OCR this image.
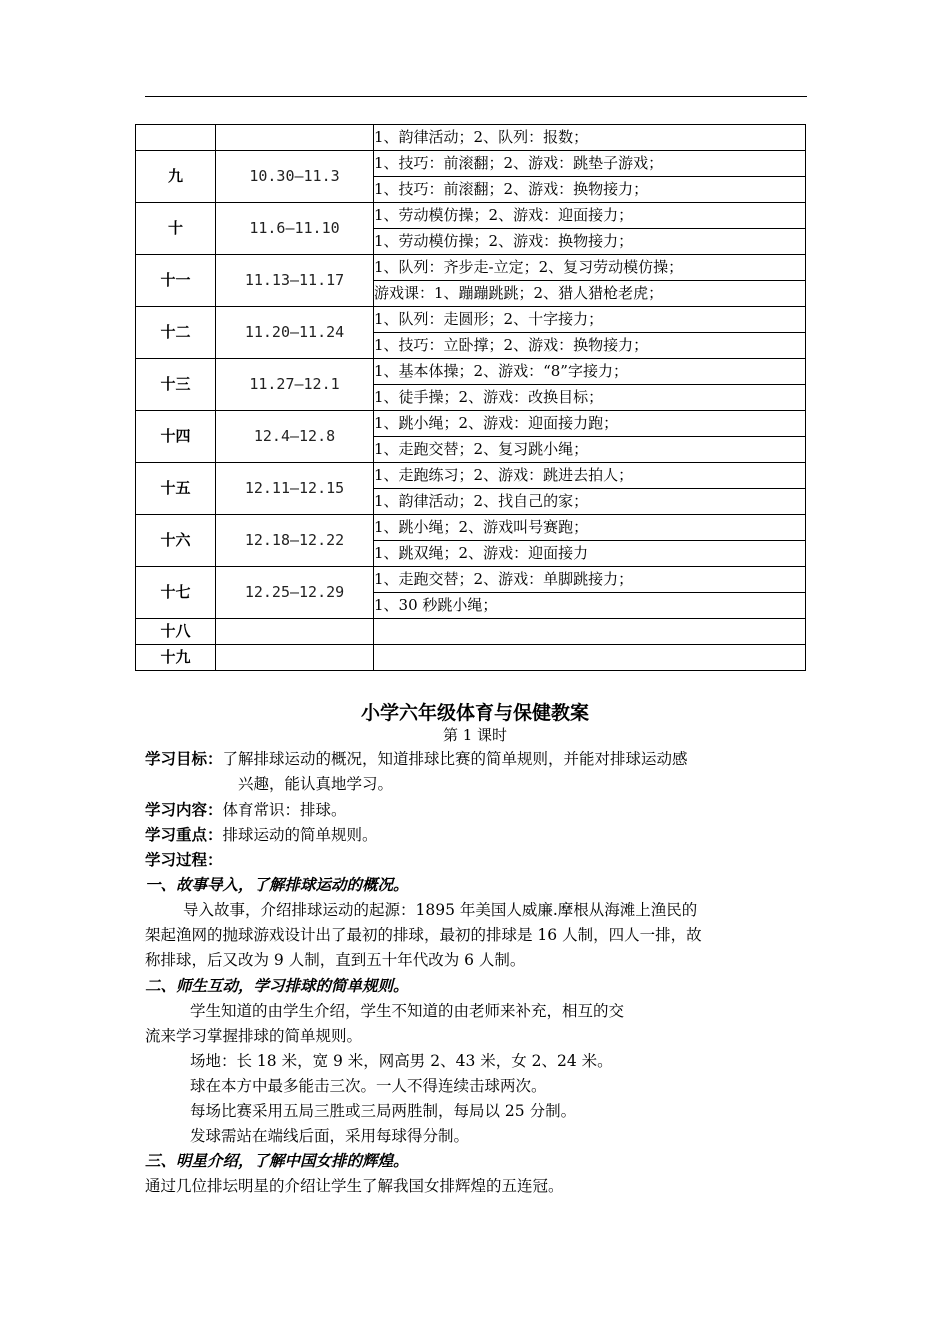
		1、韵律活动；2、队列：报数；
九	10.30—11.3	1、技巧：前滚翻；2、游戏：跳垫子游戏；
		1、技巧：前滚翻；2、游戏：换物接力；
十	11.6—11.10	1、劳动模仿操；2、游戏：迎面接力；
		1、劳动模仿操；2、游戏：换物接力；
十一	11.13—11.17	1、队列：齐步走-立定；2、复习劳动模仿操；
		游戏课：1、蹦蹦跳跳；2、猎人猎枪老虎；
十二	11.20—11.24	1、队列：走圆形；2、十字接力；
		1、技巧：立卧撑；2、游戏：换物接力；
十三	11.27—12.1	1、基本体操；2、游戏：“8”字接力；
		1、徒手操；2、游戏：改换目标；
十四	12.4—12.8	1、跳小绳；2、游戏：迎面接力跑；
		1、走跑交替；2、复习跳小绳；
十五	12.11—12.15	1、走跑练习；2、游戏：跳进去拍人；
		1、韵律活动；2、找自己的家；
十六	12.18—12.22	1、跳小绳；2、游戏叫号赛跑；
		1、跳双绳；2、游戏：迎面接力
十七	12.25—12.29	1、走跑交替；2、游戏：单脚跳接力；
		1、30 秒跳小绳；
十八		
十九		
小学六年级体育与保健教案
第 1 课时
学习目标：了解排球运动的概况，知道排球比赛的简单规则，并能对排球运动感
兴趣，能认真地学习。
学习内容：体育常识：排球。
学习重点：排球运动的简单规则。
学习过程：
一、故事导入，了解排球运动的概况。
导入故事，介绍排球运动的起源：1895 年美国人威廉.摩根从海滩上渔民的
架起渔网的抛球游戏设计出了最初的排球，最初的排球是 16 人制，四人一排，故
称排球，后又改为 9 人制，直到五十年代改为 6 人制。
二、师生互动，学习排球的简单规则。
学生知道的由学生介绍，学生不知道的由老师来补充，相互的交
流来学习掌握排球的简单规则。
场地：长 18 米，宽 9 米，网高男 2、43 米，女 2、24 米。
球在本方中最多能击三次。一人不得连续击球两次。
每场比赛采用五局三胜或三局两胜制，每局以 25 分制。
发球需站在端线后面，采用每球得分制。
三、明星介绍，了解中国女排的辉煌。
通过几位排坛明星的介绍让学生了解我国女排辉煌的五连冠。
